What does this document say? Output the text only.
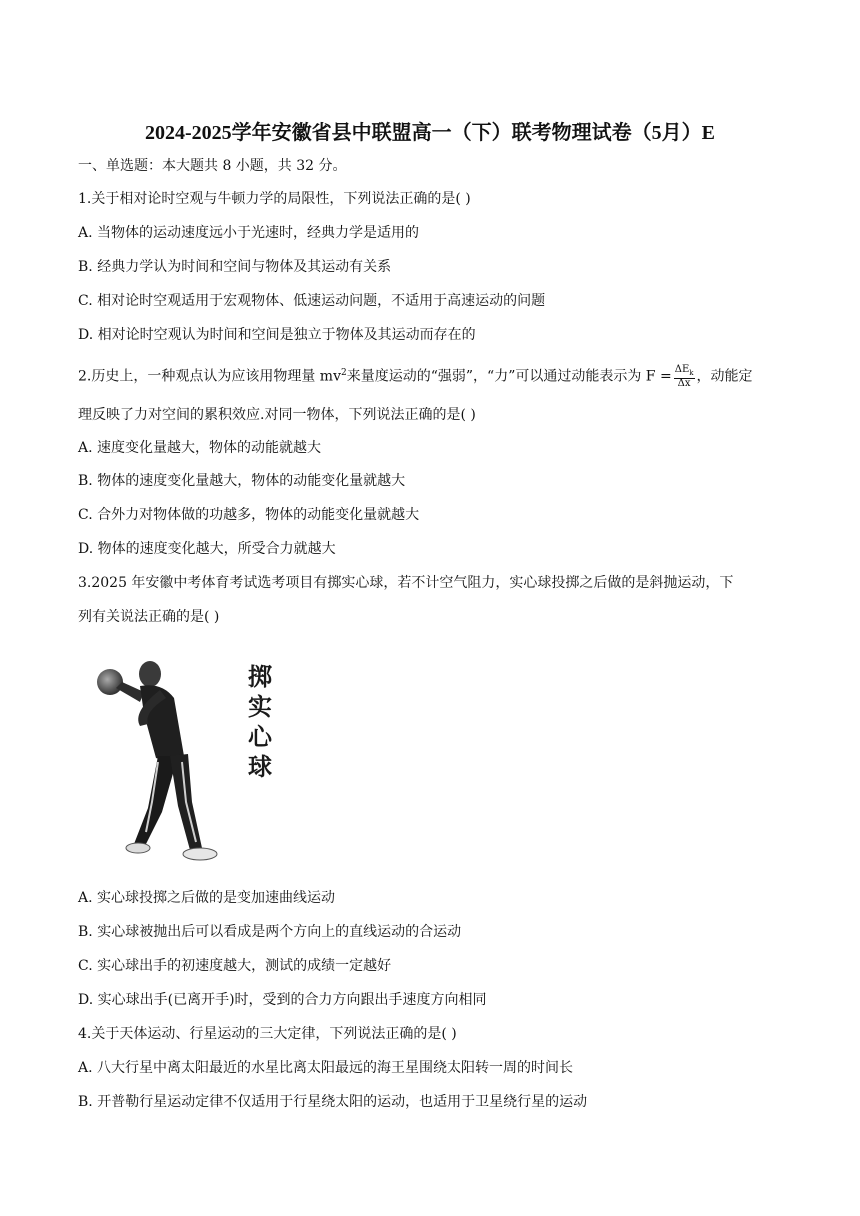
2024-2025学年安徽省县中联盟高一（下）联考物理试卷（5月）E
一、单选题：本大题共 8 小题，共 32 分。
1.关于相对论时空观与牛顿力学的局限性，下列说法正确的是( )
A. 当物体的运动速度远小于光速时，经典力学是适用的
B. 经典力学认为时间和空间与物体及其运动有关系
C. 相对论时空观适用于宏观物体、低速运动问题，不适用于高速运动的问题
D. 相对论时空观认为时间和空间是独立于物体及其运动而存在的
2.历史上，一种观点认为应该用物理量 $mv^2$来量度运动的“强弱”，“力”可以通过动能表示为 $F = \frac{\Delta E_k}{\Delta x}$ ，动能定
理反映了力对空间的累积效应.对同一物体，下列说法正确的是( )
A. 速度变化量越大，物体的动能就越大
B. 物体的速度变化量越大，物体的动能变化量就越大
C. 合外力对物体做的功越多，物体的动能变化量就越大
D. 物体的速度变化越大，所受合力就越大
3.2025 年安徽中考体育考试选考项目有掷实心球，若不计空气阻力，实心球投掷之后做的是斜抛运动，下
列有关说法正确的是( )
掷实心球
A. 实心球投掷之后做的是变加速曲线运动
B. 实心球被抛出后可以看成是两个方向上的直线运动的合运动
C. 实心球出手的初速度越大，测试的成绩一定越好
D. 实心球出手(已离开手)时，受到的合力方向跟出手速度方向相同
4.关于天体运动、行星运动的三大定律，下列说法正确的是( )
A. 八大行星中离太阳最近的水星比离太阳最远的海王星围绕太阳转一周的时间长
B. 开普勒行星运动定律不仅适用于行星绕太阳的运动，也适用于卫星绕行星的运动
